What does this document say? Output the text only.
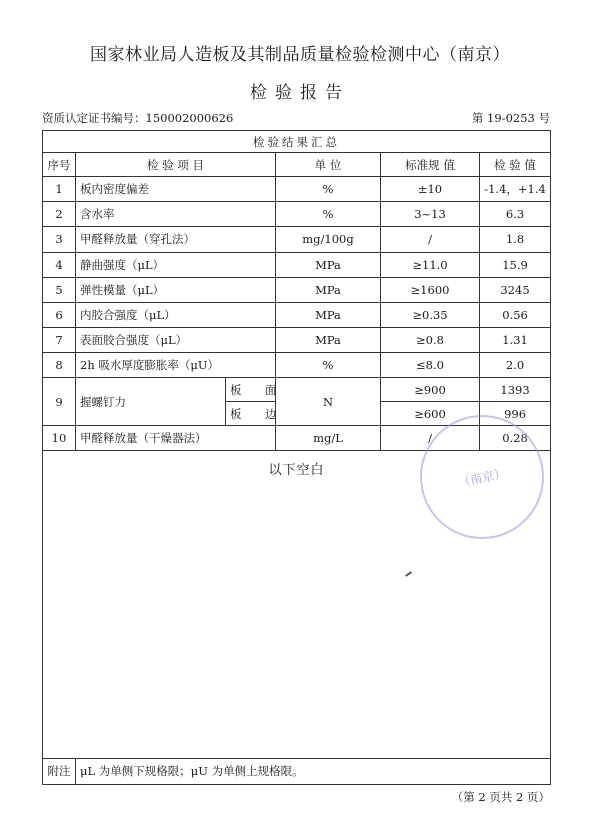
国家林业局人造板及其制品质量检验检测中心（南京）
检验报告
资质认定证书编号：150002000626	第 19-0253 号
检验结果汇总						
序号	检 验 项 目		单 位	标准规 值	检 验 值	
1	板内密度偏差		%	±10	-1.4，+1.4	
2	含水率		%	3~13	6.3	
3	甲醛释放量（穿孔法）		mg/100g	/	1.8	
4	静曲强度（μL）		MPa	≥11.0	15.9	
5	弹性模量（μL）		MPa	≥1600	3245	
6	内胶合强度（μL）		MPa	≥0.35	0.56	
7	表面胶合强度（μL）		MPa	≥0.8	1.31	
8	2h 吸水厚度膨胀率（μU）		%	≤8.0	2.0	
9	握螺钉力	板　面	N	≥900	1393	
		板　边		≥600	996	
10	甲醛释放量（干燥器法）		mg/L	/	0.28	

以下空白						

附注	μL 为单侧下规格限；μU 为单侧上规格限。					
（第 2 页共 2 页）
（南京）
